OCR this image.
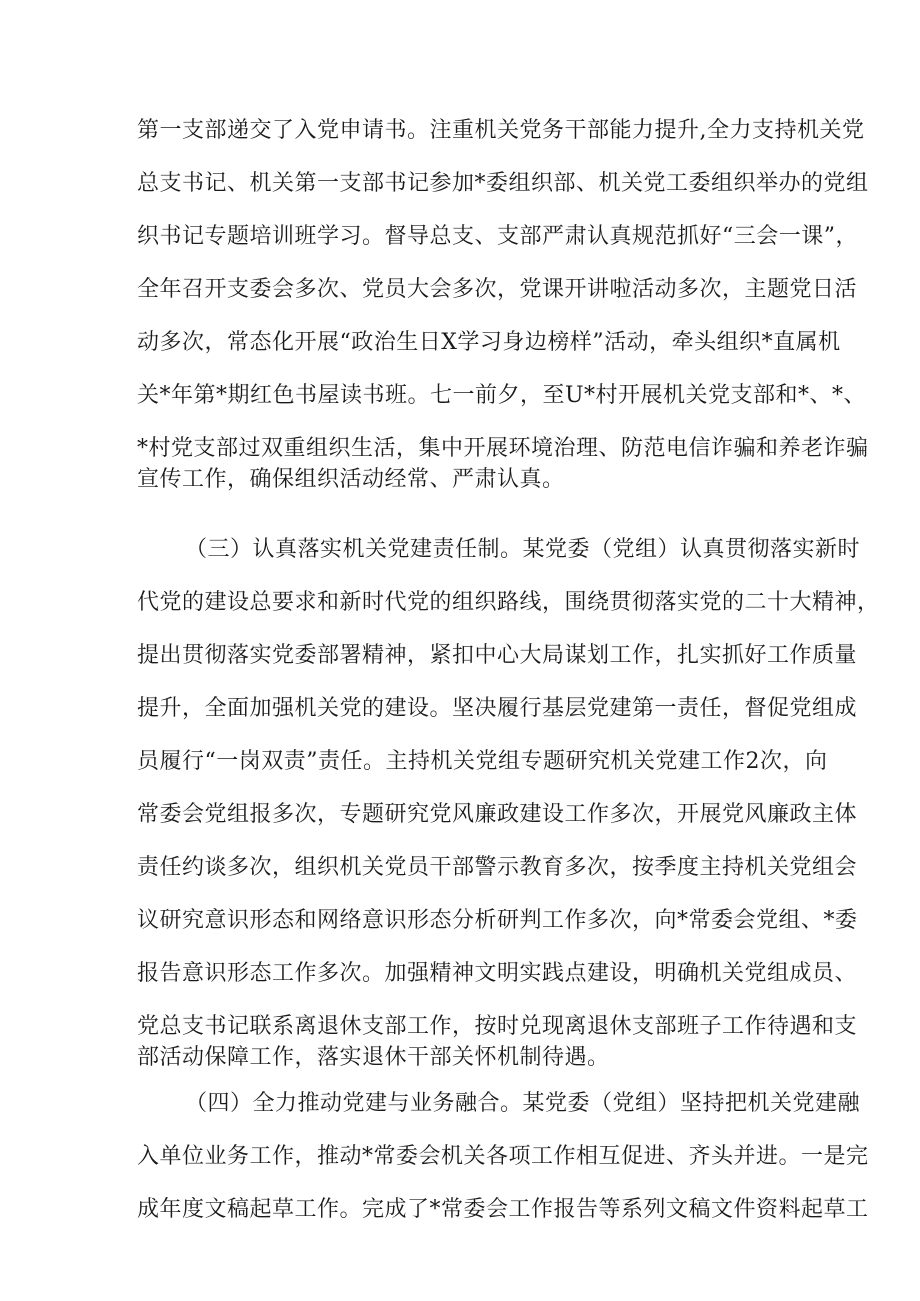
第一支部递交了入党申请书。注重机关党务干部能力提升,全力支持机关党
总支书记、机关第一支部书记参加*委组织部、机关党工委组织举办的党组
织书记专题培训班学习。督导总支、支部严肃认真规范抓好“三会一课”，
全年召开支委会多次、党员大会多次，党课开讲啦活动多次，主题党日活
动多次，常态化开展“政治生日X学习身边榜样”活动，牵头组织*直属机
关*年第*期红色书屋读书班。七一前夕，至U*村开展机关党支部和*、*、
*村党支部过双重组织生活，集中开展环境治理、防范电信诈骗和养老诈骗
宣传工作，确保组织活动经常、严肃认真。
（三）认真落实机关党建责任制。某党委（党组）认真贯彻落实新时
代党的建设总要求和新时代党的组织路线，围绕贯彻落实党的二十大精神，
提出贯彻落实党委部署精神，紧扣中心大局谋划工作，扎实抓好工作质量
提升，全面加强机关党的建设。坚决履行基层党建第一责任，督促党组成
员履行“一岗双责”责任。主持机关党组专题研究机关党建工作2次，向
常委会党组报多次，专题研究党风廉政建设工作多次，开展党风廉政主体
责任约谈多次，组织机关党员干部警示教育多次，按季度主持机关党组会
议研究意识形态和网络意识形态分析研判工作多次，向*常委会党组、*委
报告意识形态工作多次。加强精神文明实践点建设，明确机关党组成员、
党总支书记联系离退休支部工作，按时兑现离退休支部班子工作待遇和支
部活动保障工作，落实退休干部关怀机制待遇。
（四）全力推动党建与业务融合。某党委（党组）坚持把机关党建融
入单位业务工作，推动*常委会机关各项工作相互促进、齐头并进。一是完
成年度文稿起草工作。完成了*常委会工作报告等系列文稿文件资料起草工
